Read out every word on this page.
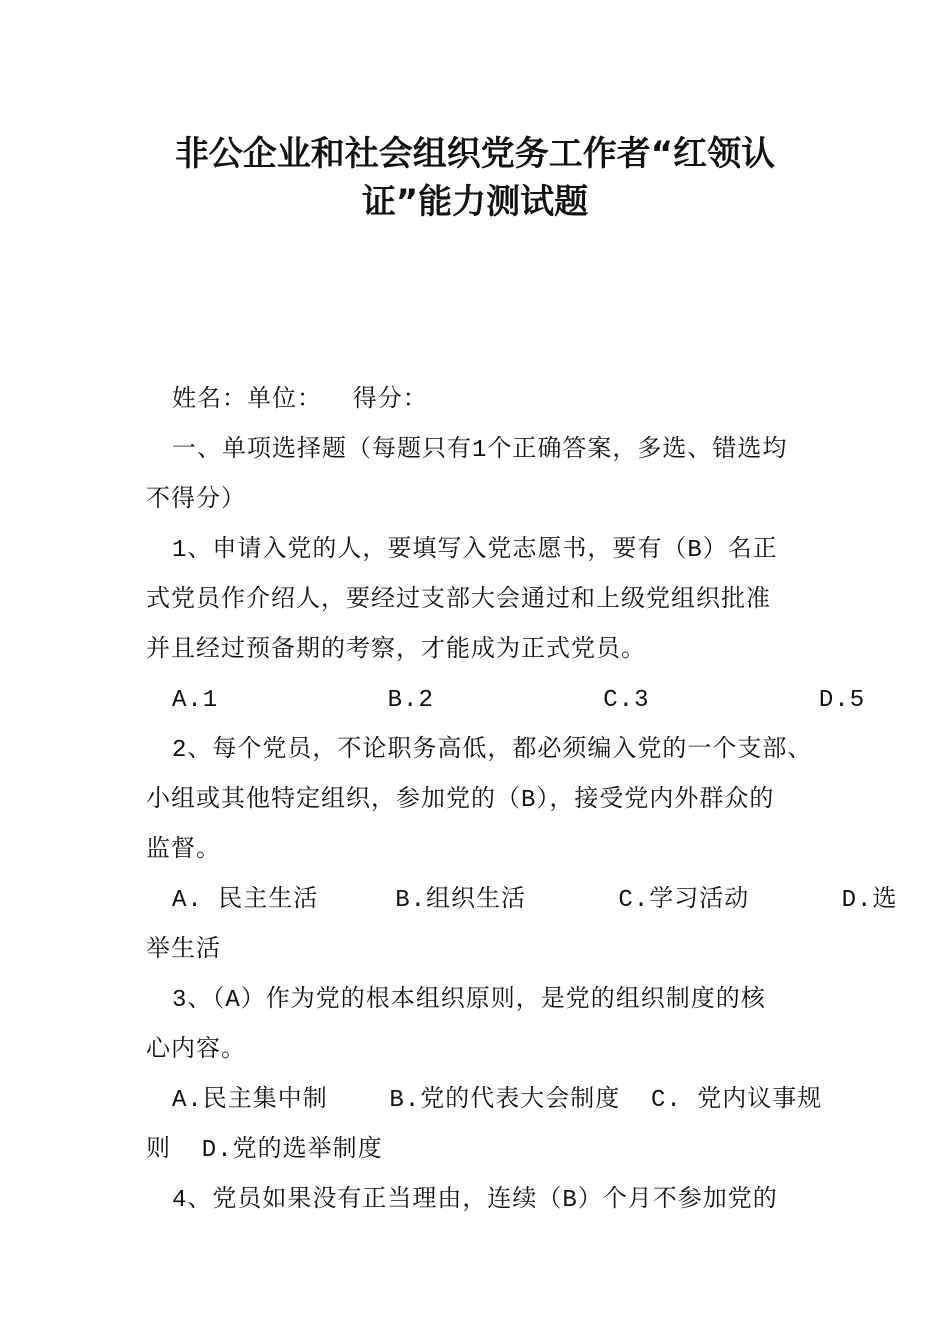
非公企业和社会组织党务工作者“红领认
证”能力测试题
姓名：单位：  得分：
一、单项选择题（每题只有1个正确答案，多选、错选均
不得分）
1、申请入党的人，要填写入党志愿书，要有（B）名正
式党员作介绍人，要经过支部大会通过和上级党组织批准
并且经过预备期的考察，才能成为正式党员。
A.1           B.2           C.3           D.5
2、每个党员，不论职务高低，都必须编入党的一个支部、
小组或其他特定组织，参加党的（B），接受党内外群众的
监督。
A. 民主生活     B.组织生活      C.学习活动      D.选
举生活
3、（A）作为党的根本组织原则，是党的组织制度的核
心内容。
A.民主集中制    B.党的代表大会制度  C. 党内议事规
则  D.党的选举制度
4、党员如果没有正当理由，连续（B）个月不参加党的
